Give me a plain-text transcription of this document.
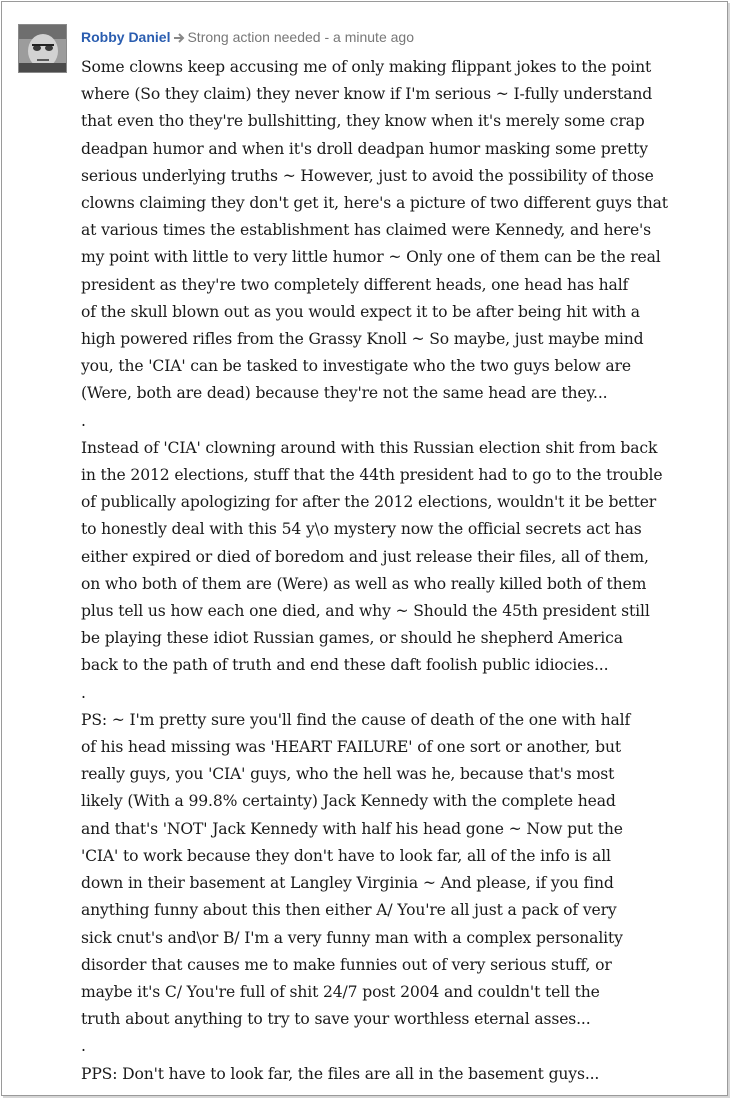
Robby Daniel Strong action needed - a minute ago

Some clowns keep accusing me of only making flippant jokes to the point

where (So they claim) they never know if I'm serious ~ I-fully understand

that even tho they're bullshitting, they know when it's merely some crap

deadpan humor and when it's droll deadpan humor masking some pretty

serious underlying truths ~ However, just to avoid the possibility of those

clowns claiming they don't get it, here's a picture of two different guys that

at various times the establishment has claimed were Kennedy, and here's

my point with little to very little humor ~ Only one of them can be the real

president as they're two completely different heads, one head has half

of the skull blown out as you would expect it to be after being hit with a

high powered rifles from the Grassy Knoll ~ So maybe, just maybe mind

you, the 'CIA' can be tasked to investigate who the two guys below are

(Were, both are dead) because they're not the same head are they...

.

Instead of 'CIA' clowning around with this Russian election shit from back

in the 2012 elections, stuff that the 44th president had to go to the trouble

of publically apologizing for after the 2012 elections, wouldn't it be better

to honestly deal with this 54 y\o mystery now the official secrets act has

either expired or died of boredom and just release their files, all of them,

on who both of them are (Were) as well as who really killed both of them

plus tell us how each one died, and why ~ Should the 45th president still

be playing these idiot Russian games, or should he shepherd America

back to the path of truth and end these daft foolish public idiocies...

.

PS: ~ I'm pretty sure you'll find the cause of death of the one with half

of his head missing was 'HEART FAILURE' of one sort or another, but

really guys, you 'CIA' guys, who the hell was he, because that's most

likely (With a 99.8% certainty) Jack Kennedy with the complete head

and that's 'NOT' Jack Kennedy with half his head gone ~ Now put the

'CIA' to work because they don't have to look far, all of the info is all

down in their basement at Langley Virginia ~ And please, if you find

anything funny about this then either A/ You're all just a pack of very

sick cnut's and\or B/ I'm a very funny man with a complex personality

disorder that causes me to make funnies out of very serious stuff, or

maybe it's C/ You're full of shit 24/7 post 2004 and couldn't tell the

truth about anything to try to save your worthless eternal asses...

.

PPS: Don't have to look far, the files are all in the basement guys...
